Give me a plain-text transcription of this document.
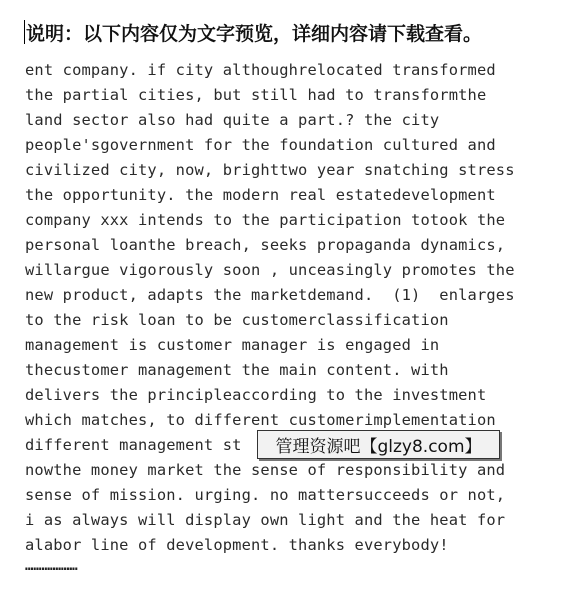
说明：以下内容仅为文字预览，详细内容请下载查看。
ent company. if city althoughrelocated transformed
the partial cities, but still had to transformthe
land sector also had quite a part.? the city
people'sgovernment for the foundation cultured and
civilized city, now, brighttwo year snatching stress
the opportunity. the modern real estatedevelopment
company xxx intends to the participation totook the
personal loanthe breach, seeks propaganda dynamics,
willargue vigorously soon , unceasingly promotes the
new product, adapts the marketdemand.  (1)  enlarges
to the risk loan to be customerclassification
management is customer manager is engaged in
thecustomer management the main content. with
delivers the principleaccording to the investment
which matches, to different customerimplementation
different management st
nowthe money market the sense of responsibility and
sense of mission. urging. no mattersucceeds or not,
i as always will display own light and the heat for
alabor line of development. thanks everybody!
………………………
管理资源吧【glzy8.com】
